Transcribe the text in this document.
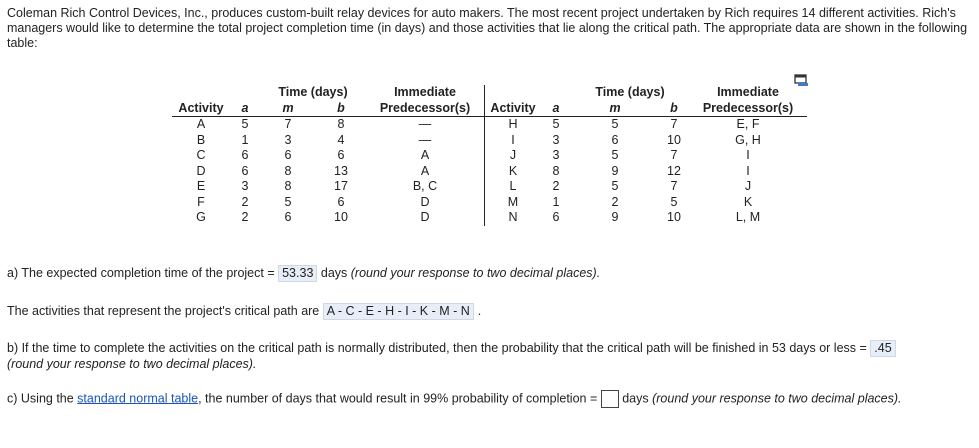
Coleman Rich Control Devices, Inc., produces custom-built relay devices for auto makers. The most recent project undertaken by Rich requires 14 different activities. Rich's managers would like to determine the total project completion time (in days) and those activities that lie along the critical path. The appropriate data are shown in the following table:
		Time (days)		Immediate			Time (days)		Immediate
Activity	a	m	b	Predecessor(s)	Activity	a	m	b	Predecessor(s)
A	5	7	8	—	H	5	5	7	E, F
B	1	3	4	—	I	3	6	10	G, H
C	6	6	6	A	J	3	5	7	I
D	6	8	13	A	K	8	9	12	I
E	3	8	17	B, C	L	2	5	7	J
F	2	5	6	D	M	1	2	5	K
G	2	6	10	D	N	6	9	10	L, M
a) The expected completion time of the project = 53.33 days (round your response to two decimal places).
The activities that represent the project's critical path are A - C - E - H - I - K - M - N .
b) If the time to complete the activities on the critical path is normally distributed, then the probability that the critical path will be finished in 53 days or less = .45
(round your response to two decimal places).
c) Using the standard normal table, the number of days that would result in 99% probability of completion =  days (round your response to two decimal places).
